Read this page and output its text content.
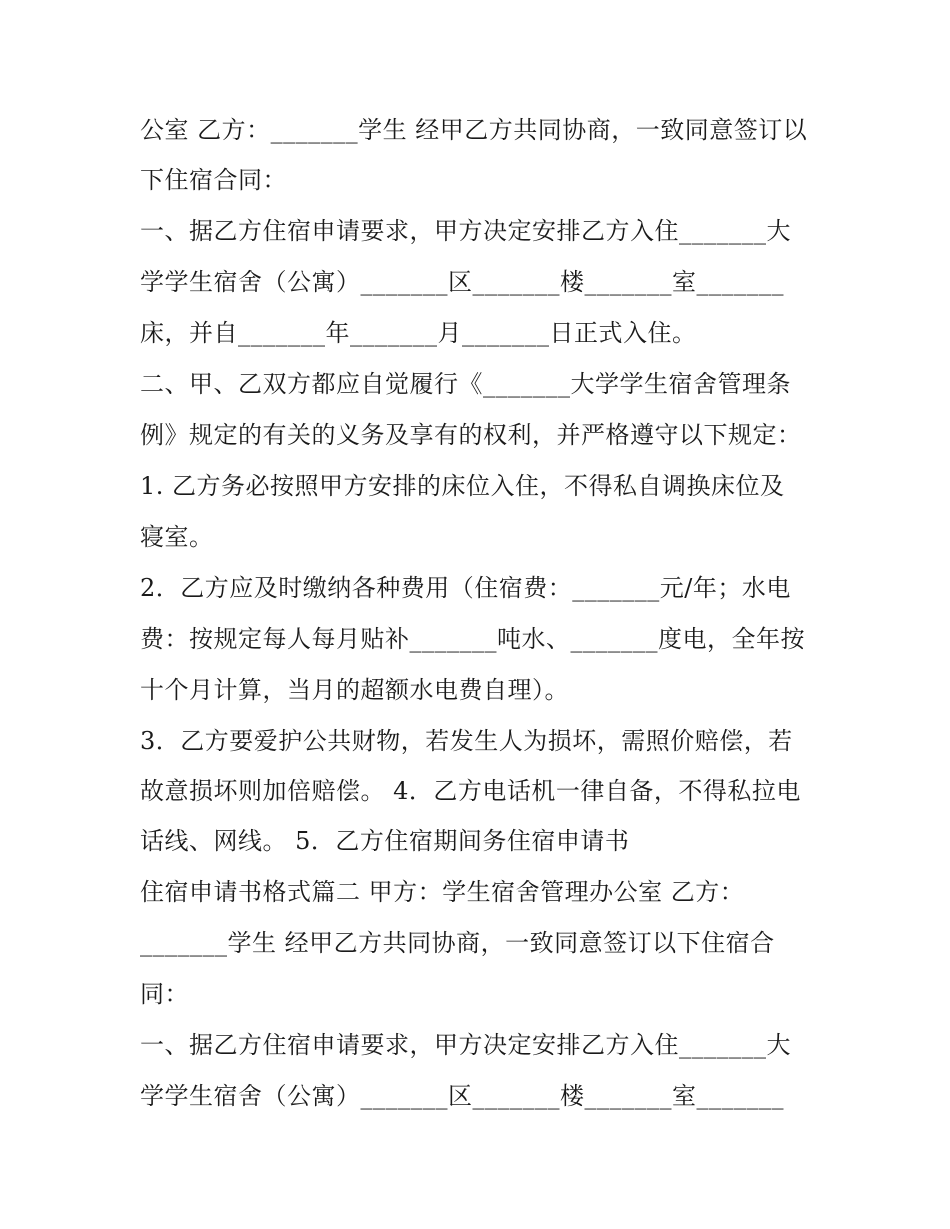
公室 乙方：_______学生 经甲乙方共同协商，一致同意签订以
下住宿合同：
一、据乙方住宿申请要求，甲方决定安排乙方入住_______大
学学生宿舍（公寓）_______区_______楼_______室_______
床，并自_______年_______月_______日正式入住。
二、甲、乙双方都应自觉履行《_______大学学生宿舍管理条
例》规定的有关的义务及享有的权利，并严格遵守以下规定：
1. 乙方务必按照甲方安排的床位入住，不得私自调换床位及
寝室。
2．乙方应及时缴纳各种费用（住宿费：_______元/年；水电
费：按规定每人每月贴补_______吨水、_______度电，全年按
十个月计算，当月的超额水电费自理）。
3．乙方要爱护公共财物，若发生人为损坏，需照价赔偿，若
故意损坏则加倍赔偿。 4．乙方电话机一律自备，不得私拉电
话线、网线。 5．乙方住宿期间务住宿申请书
住宿申请书格式篇二 甲方：学生宿舍管理办公室 乙方：
_______学生 经甲乙方共同协商，一致同意签订以下住宿合
同：
一、据乙方住宿申请要求，甲方决定安排乙方入住_______大
学学生宿舍（公寓）_______区_______楼_______室_______
